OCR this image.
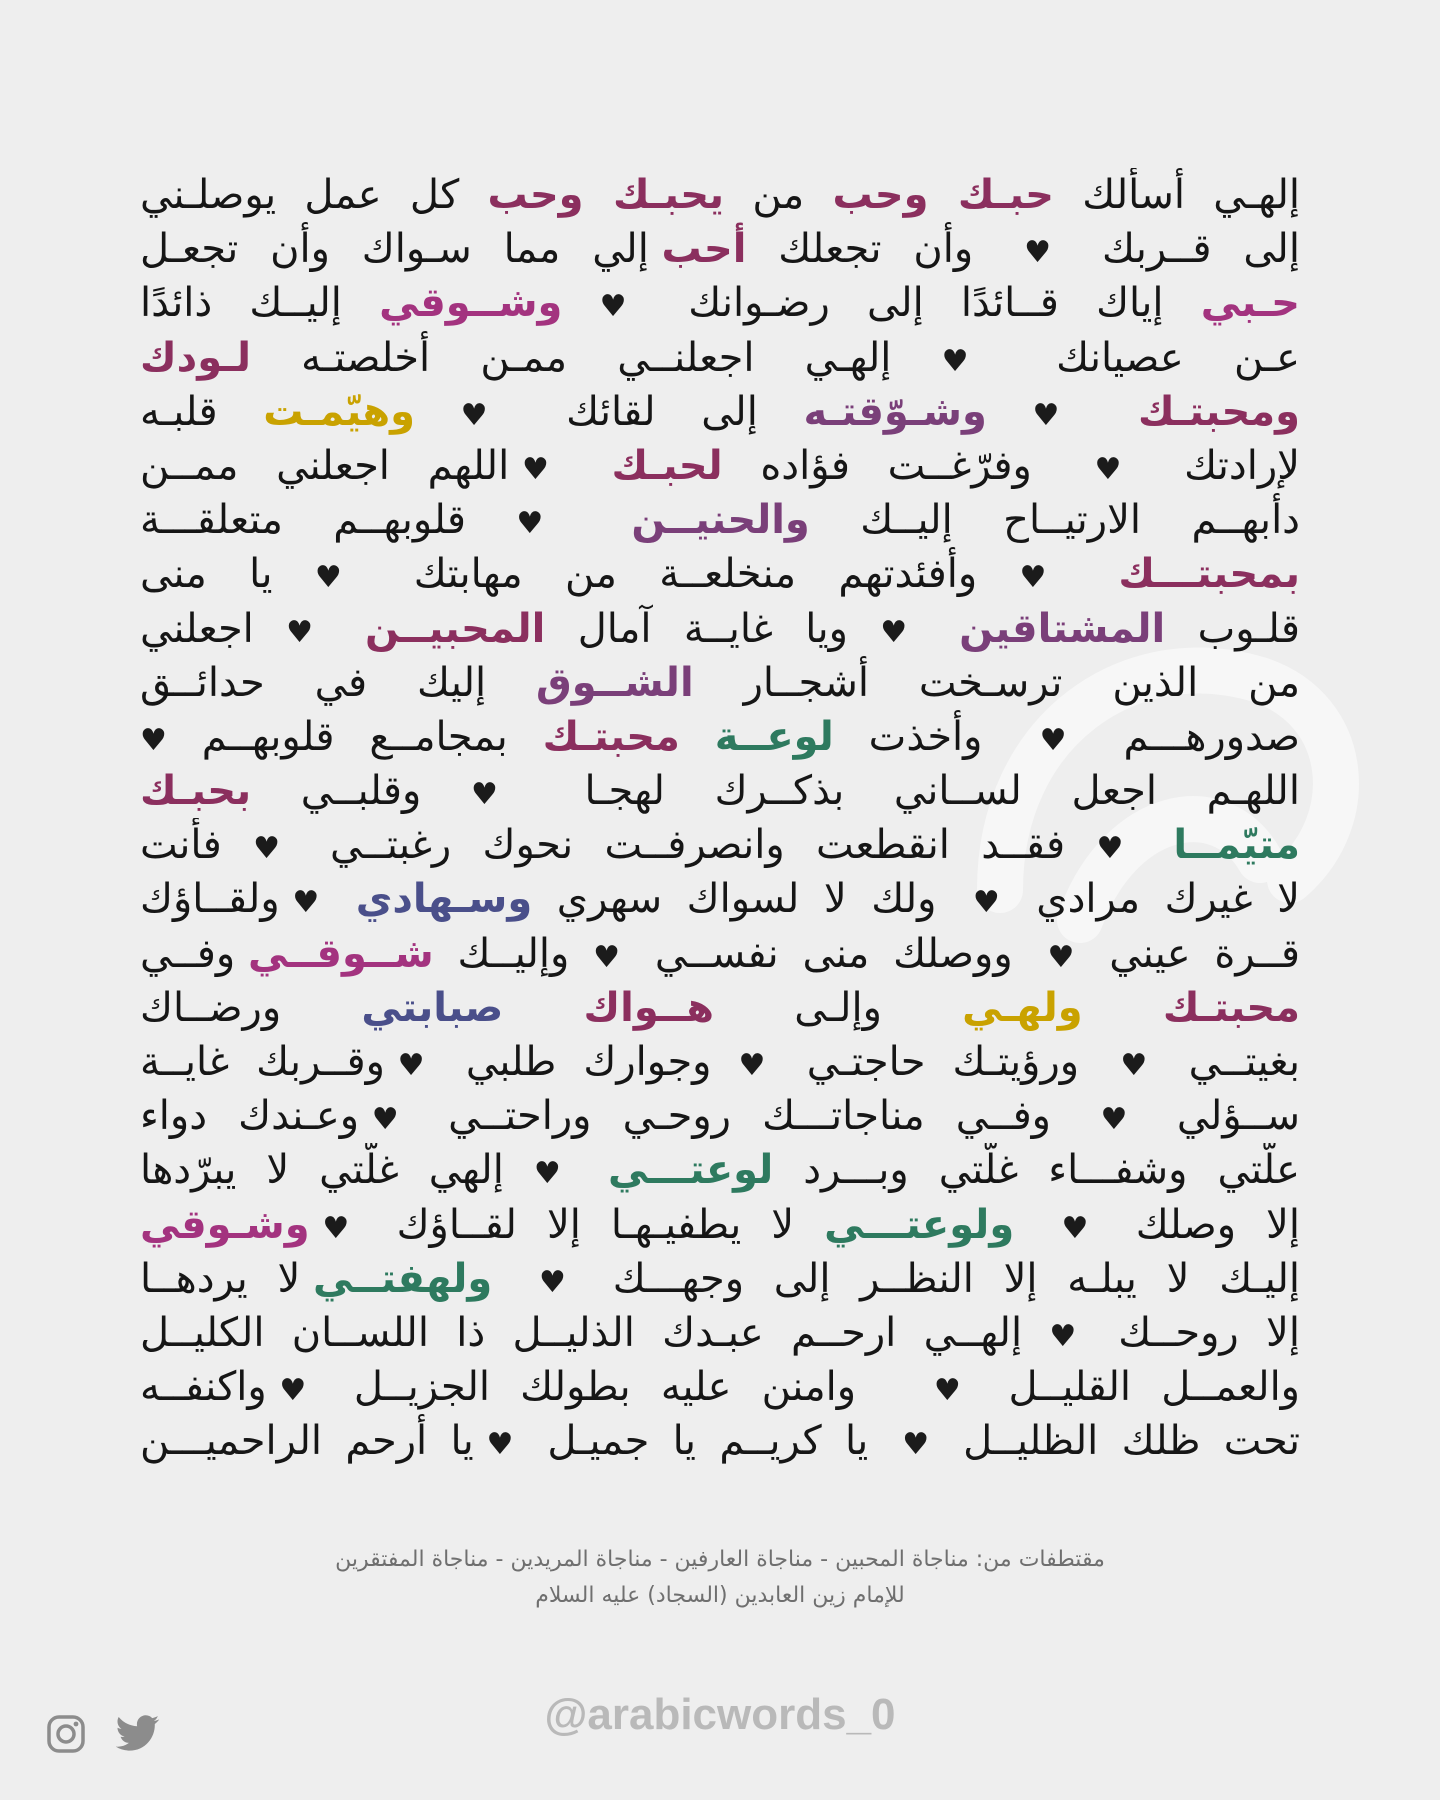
إلهـي أسألك حبـك وحب من يحبـك وحب كل عمل يوصلـني
إلى قــربك ♥ وأن تجعلك أحب إلي مما سـواك وأن تجعـل
حـبي إياك قــائدًا إلى رضـوانك ♥ وشــوقي إليــك ذائدًا
عـن عصيانك ♥ إلهـي اجعلنــي ممـن أخلصتـه لـودك
ومحبتـك ♥ وشـوّقتـه إلى لقائك ♥ وهيّمـت قلبـه
لإرادتك ♥ وفرّغــت فؤاده لحبـك ♥ اللهم اجعلني ممــن
دأبهــم الارتيــاح إليــك والحنيــن ♥ قلوبهــم متعلقـــة
بمحبتـــك ♥ وأفئدتهم منخلعــة من مهابتك ♥ يا منى
قلـوب المشتاقين ♥ ويا غايــة آمال المحبيــن ♥ اجعلني
من الذين ترسـخت أشجــار الشــوق إليك في حدائــق
صدورهـــم ♥ وأخذت لوعــة محبتـك بمجامــع قلوبهــم ♥
اللهـم اجعل لســاني بذكــرك لهجـا ♥ وقلبــي بحبـك
متيّمــا ♥ فقــد انقطعت وانصرفــت نحوك رغبتــي ♥ فأنت
لا غيرك مرادي ♥ ولك لا لسواك سهري وسـهادي ♥ ولقــاؤك
قــرة عيني ♥ ووصلك منى نفســي ♥ وإليــك شــوقــي وفــي
محبتـك ولهـي وإلـى هــواك صبابتي ورضــاك
بغيتــي ♥ ورؤيتـك حاجتـي ♥ وجوارك طلبي ♥ وقــربك غايــة
ســؤلي ♥ وفــي مناجاتـــك روحـي وراحتــي ♥ وعـندك دواء
علّتي وشفـــاء غلّتي وبـــرد لوعتـــي ♥ إلهي غلّتي لا يبرّدها
إلا وصلك ♥ ولوعتـــي لا يطفيـهـا إلا لقــاؤك ♥ وشـوقي
إليـك لا يبلـه إلا النظــر إلى وجهـــك ♥ ولهفتــي لا يردهــا
إلا روحــك ♥ إلهــي ارحــم عبـدك الذليــل ذا اللســان الكليــل
والعمــل القليــل ♥  وامنن عليه بطولك الجزيــل ♥ واكنفــه
تحت ظلك الظليــل ♥ يا كريــم يا جميـل ♥ يا أرحم الراحميـــن
مقتطفات من: مناجاة المحبين - مناجاة العارفين - مناجاة المريدين - مناجاة المفتقرين
للإمام زين العابدين (السجاد) عليه السلام
@arabicwords_0
